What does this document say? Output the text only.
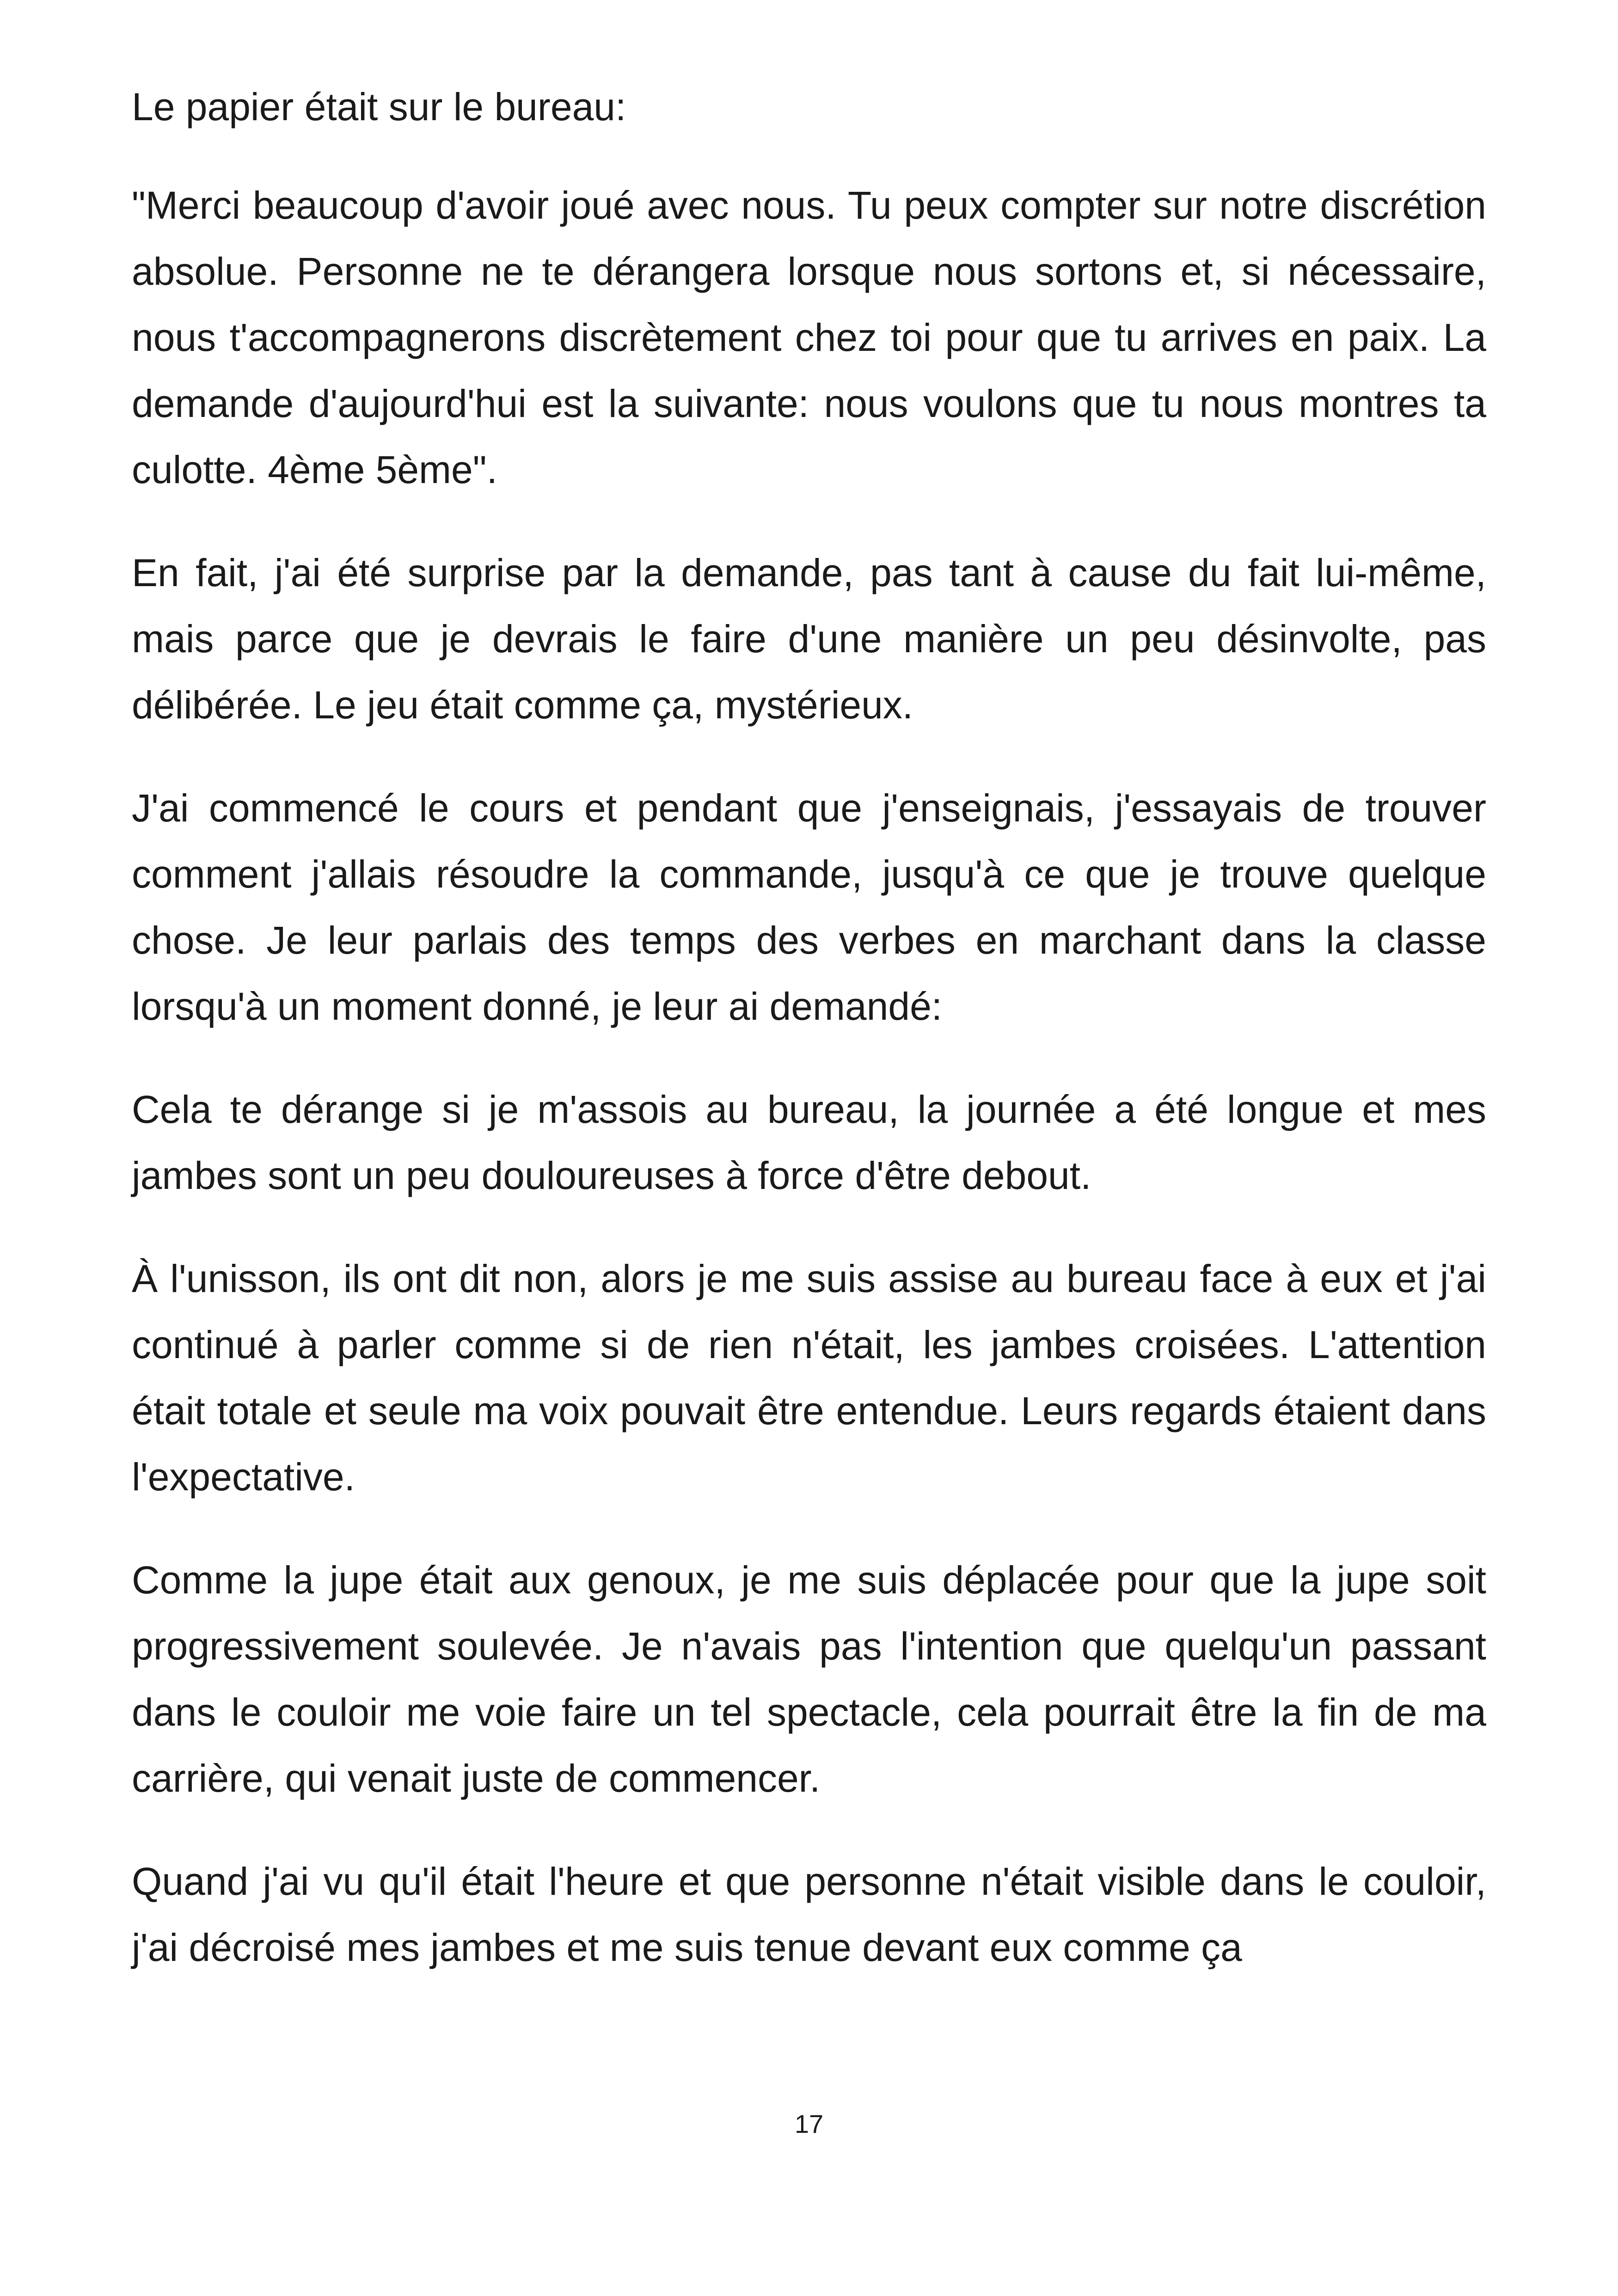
Le papier était sur le bureau:

"Merci beaucoup d'avoir joué avec nous. Tu peux compter sur notre discrétion absolue. Personne ne te dérangera lorsque nous sortons et, si nécessaire, nous t'accompagnerons discrètement chez toi pour que tu arrives en paix. La demande d'aujourd'hui est la suivante: nous voulons que tu nous montres ta culotte. 4ème 5ème".

En fait, j'ai été surprise par la demande, pas tant à cause du fait lui-même, mais parce que je devrais le faire d'une manière un peu désinvolte, pas délibérée. Le jeu était comme ça, mystérieux.

J'ai commencé le cours et pendant que j'enseignais, j'essayais de trouver comment j'allais résoudre la commande, jusqu'à ce que je trouve quelque chose. Je leur parlais des temps des verbes en marchant dans la classe lorsqu'à un moment donné, je leur ai demandé:

Cela te dérange si je m'assois au bureau, la journée a été longue et mes jambes sont un peu douloureuses à force d'être debout.

À l'unisson, ils ont dit non, alors je me suis assise au bureau face à eux et j'ai continué à parler comme si de rien n'était, les jambes croisées. L'attention était totale et seule ma voix pouvait être entendue. Leurs regards étaient dans l'expectative.

Comme la jupe était aux genoux, je me suis déplacée pour que la jupe soit progressivement soulevée. Je n'avais pas l'intention que quelqu'un passant dans le couloir me voie faire un tel spectacle, cela pourrait être la fin de ma carrière, qui venait juste de commencer.

Quand j'ai vu qu'il était l'heure et que personne n'était visible dans le couloir, j'ai décroisé mes jambes et me suis tenue devant eux comme ça

17
